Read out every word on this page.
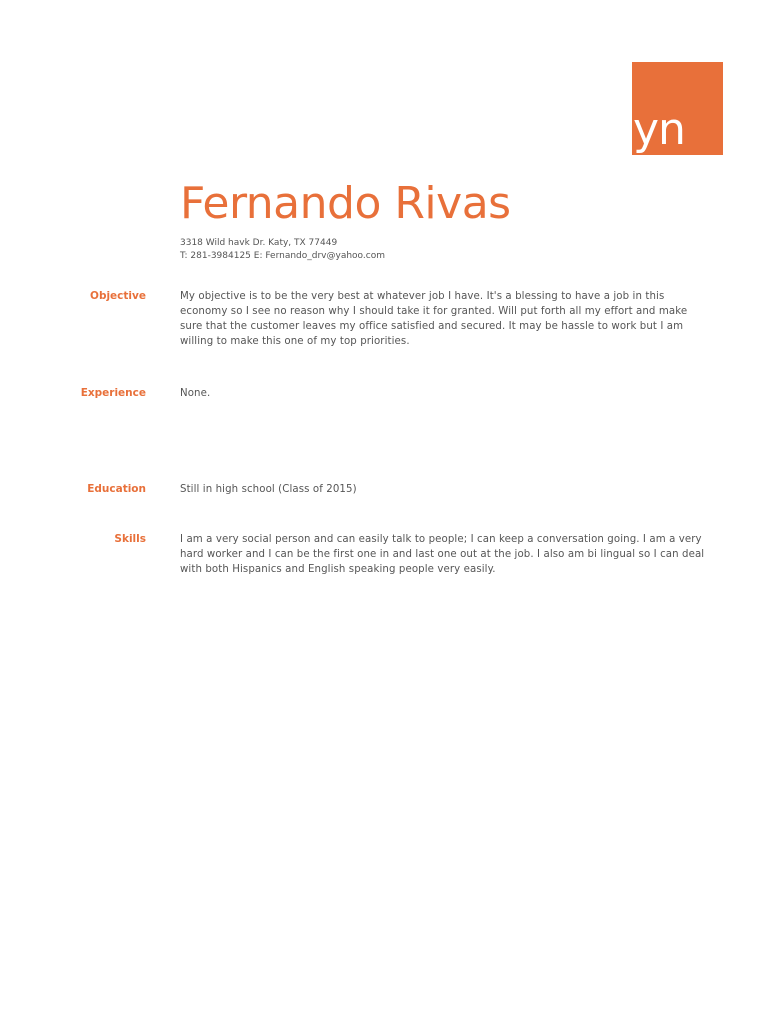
yn
Fernando Rivas
3318 Wild havk Dr. Katy, TX 77449
T: 281-3984125 E: Fernando_drv@yahoo.com
Objective	My objective is to be the very best at whatever job I have. It's a blessing to have a job in this economy so I see no reason why I should take it for granted. Will put forth all my effort and make sure that the customer leaves my office satisfied and secured. It may be hassle to work but I am willing to make this one of my top priorities.
Experience	None.
Education	Still in high school (Class of 2015)
Skills	I am a very social person and can easily talk to people; I can keep a conversation going. I am a very hard worker and I can be the first one in and last one out at the job. I also am bi lingual so I can deal with both Hispanics and English speaking people very easily.
